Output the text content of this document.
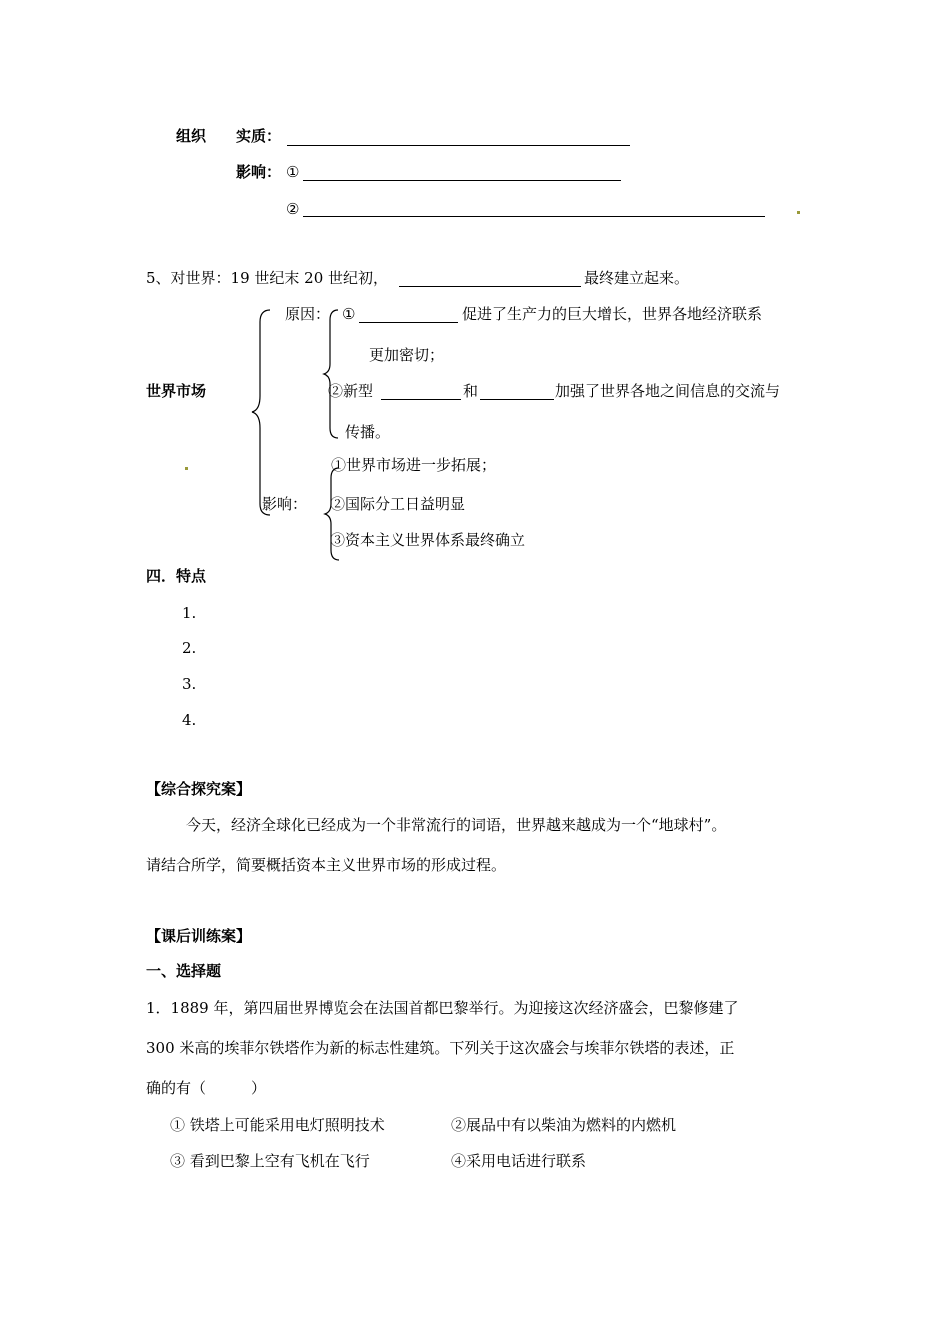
组织 实质：
影响： ①
②
5、对世界：19 世纪末 20 世纪初，	最终建立起来。
世界市场
原因： ①	促进了生产力的巨大增长，世界各地经济联系
更加密切；
②新型	和	加强了世界各地之间信息的交流与
传播。
①世界市场进一步拓展；
影响： ②国际分工日益明显
③资本主义世界体系最终确立
四．特点
1.
2.
3.
4.
【综合探究案】
今天，经济全球化已经成为一个非常流行的词语，世界越来越成为一个“地球村”。
请结合所学，简要概括资本主义世界市场的形成过程。
【课后训练案】
一、选择题
1．1889 年，第四届世界博览会在法国首都巴黎举行。为迎接这次经济盛会，巴黎修建了
300 米高的埃菲尔铁塔作为新的标志性建筑。下列关于这次盛会与埃菲尔铁塔的表述，正
确的有（　　　）
① 铁塔上可能采用电灯照明技术	②展品中有以柴油为燃料的内燃机
③ 看到巴黎上空有飞机在飞行	④采用电话进行联系
